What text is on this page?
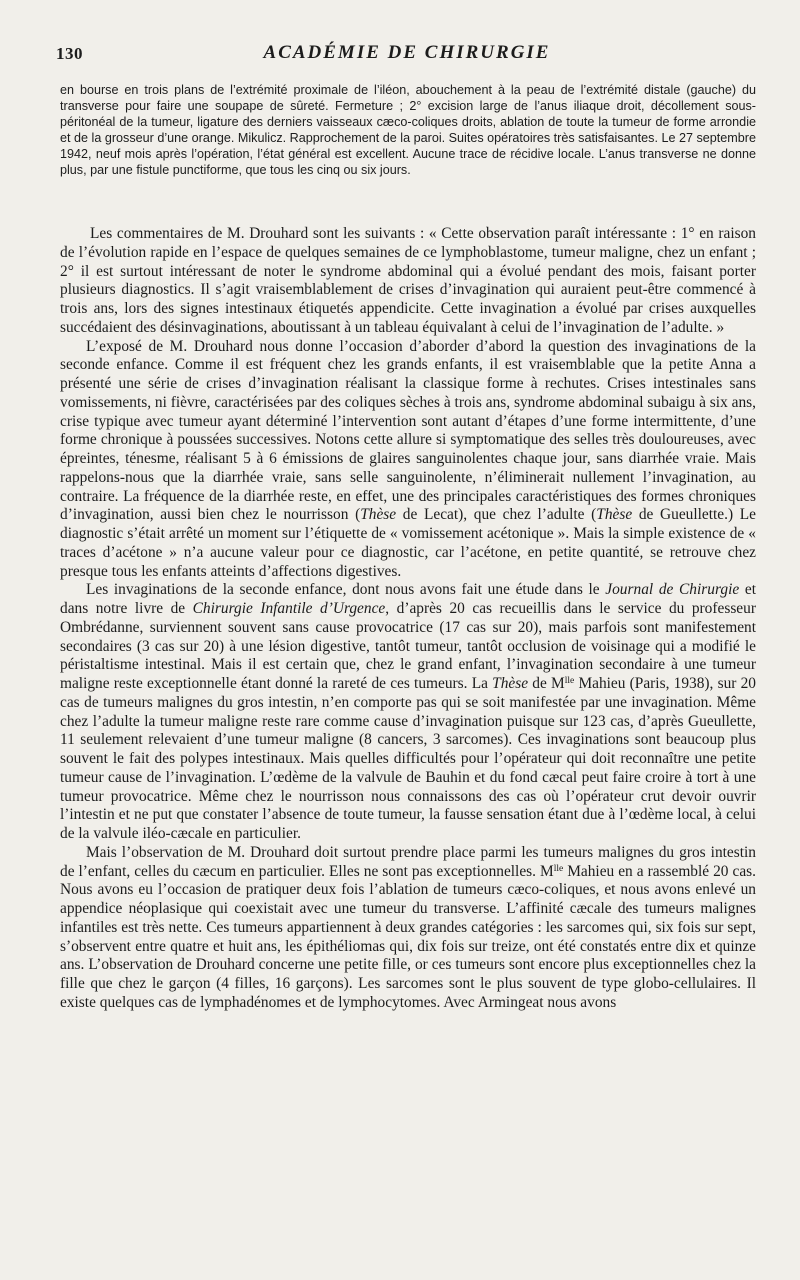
130	ACADÉMIE DE CHIRURGIE
en bourse en trois plans de l’extrémité proximale de l’iléon, abouchement à la peau de l’extrémité distale (gauche) du transverse pour faire une soupape de sûreté. Fermeture ; 2° excision large de l’anus iliaque droit, décollement sous-péritonéal de la tumeur, ligature des derniers vaisseaux cæco-coliques droits, ablation de toute la tumeur de forme arrondie et de la grosseur d’une orange. Mikulicz. Rapprochement de la paroi. Suites opératoires très satisfaisantes. Le 27 septembre 1942, neuf mois après l’opération, l’état général est excellent. Aucune trace de récidive locale. L’anus transverse ne donne plus, par une fistule punctiforme, que tous les cinq ou six jours.

Les commentaires de M. Drouhard sont les suivants : « Cette observation paraît intéressante : 1° en raison de l’évolution rapide en l’espace de quelques semaines de ce lymphoblastome, tumeur maligne, chez un enfant ; 2° il est surtout intéressant de noter le syndrome abdominal qui a évolué pendant des mois, faisant porter plusieurs diagnostics. Il s’agit vraisemblablement de crises d’invagination qui auraient peut-être commencé à trois ans, lors des signes intestinaux étiquetés appendicite. Cette invagination a évolué par crises auxquelles succédaient des désinvaginations, aboutissant à un tableau équivalant à celui de l’invagination de l’adulte. »

L’exposé de M. Drouhard nous donne l’occasion d’aborder d’abord la question des invaginations de la seconde enfance. Comme il est fréquent chez les grands enfants, il est vraisemblable que la petite Anna a présenté une série de crises d’invagination réalisant la classique forme à rechutes. Crises intestinales sans vomissements, ni fièvre, caractérisées par des coliques sèches à trois ans, syndrome abdominal subaigu à six ans, crise typique avec tumeur ayant déterminé l’intervention sont autant d’étapes d’une forme intermittente, d’une forme chronique à poussées successives. Notons cette allure si symptomatique des selles très douloureuses, avec épreintes, ténesme, réalisant 5 à 6 émissions de glaires sanguinolentes chaque jour, sans diarrhée vraie. Mais rappelons-nous que la diarrhée vraie, sans selle sanguinolente, n’éliminerait nullement l’invagination, au contraire. La fréquence de la diarrhée reste, en effet, une des principales caractéristiques des formes chroniques d’invagination, aussi bien chez le nourrisson (Thèse de Lecat), que chez l’adulte (Thèse de Gueullette.) Le diagnostic s’était arrêté un moment sur l’étiquette de « vomissement acétonique ». Mais la simple existence de « traces d’acétone » n’a aucune valeur pour ce diagnostic, car l’acétone, en petite quantité, se retrouve chez presque tous les enfants atteints d’affections digestives.

Les invaginations de la seconde enfance, dont nous avons fait une étude dans le Journal de Chirurgie et dans notre livre de Chirurgie Infantile d’Urgence, d’après 20 cas recueillis dans le service du professeur Ombrédanne, surviennent souvent sans cause provocatrice (17 cas sur 20), mais parfois sont manifestement secondaires (3 cas sur 20) à une lésion digestive, tantôt tumeur, tantôt occlusion de voisinage qui a modifié le péristaltisme intestinal. Mais il est certain que, chez le grand enfant, l’invagination secondaire à une tumeur maligne reste exceptionnelle étant donné la rareté de ces tumeurs. La Thèse de $M^{lle}$ Mahieu (Paris, 1938), sur 20 cas de tumeurs malignes du gros intestin, n’en comporte pas qui se soit manifestée par une invagination. Même chez l’adulte la tumeur maligne reste rare comme cause d’invagination puisque sur 123 cas, d’après Gueullette, 11 seulement relevaient d’une tumeur maligne (8 cancers, 3 sarcomes). Ces invaginations sont beaucoup plus souvent le fait des polypes intestinaux. Mais quelles difficultés pour l’opérateur qui doit reconnaître une petite tumeur cause de l’invagination. L’œdème de la valvule de Bauhin et du fond cæcal peut faire croire à tort à une tumeur provocatrice. Même chez le nourrisson nous connaissons des cas où l’opérateur crut devoir ouvrir l’intestin et ne put que constater l’absence de toute tumeur, la fausse sensation étant due à l’œdème local, à celui de la valvule iléo-cæcale en particulier.

Mais l’observation de M. Drouhard doit surtout prendre place parmi les tumeurs malignes du gros intestin de l’enfant, celles du cæcum en particulier. Elles ne sont pas exceptionnelles. $M^{lle}$ Mahieu en a rassemblé 20 cas. Nous avons eu l’occasion de pratiquer deux fois l’ablation de tumeurs cæco-coliques, et nous avons enlevé un appendice néoplasique qui coexistait avec une tumeur du transverse. L’affinité cæcale des tumeurs malignes infantiles est très nette. Ces tumeurs appartiennent à deux grandes catégories : les sarcomes qui, six fois sur sept, s’observent entre quatre et huit ans, les épithéliomas qui, dix fois sur treize, ont été constatés entre dix et quinze ans. L’observation de Drouhard concerne une petite fille, or ces tumeurs sont encore plus exceptionnelles chez la fille que chez le garçon (4 filles, 16 garçons). Les sarcomes sont le plus souvent de type globo-cellulaires. Il existe quelques cas de lymphadénomes et de lymphocytomes. Avec Armingeat nous avons
